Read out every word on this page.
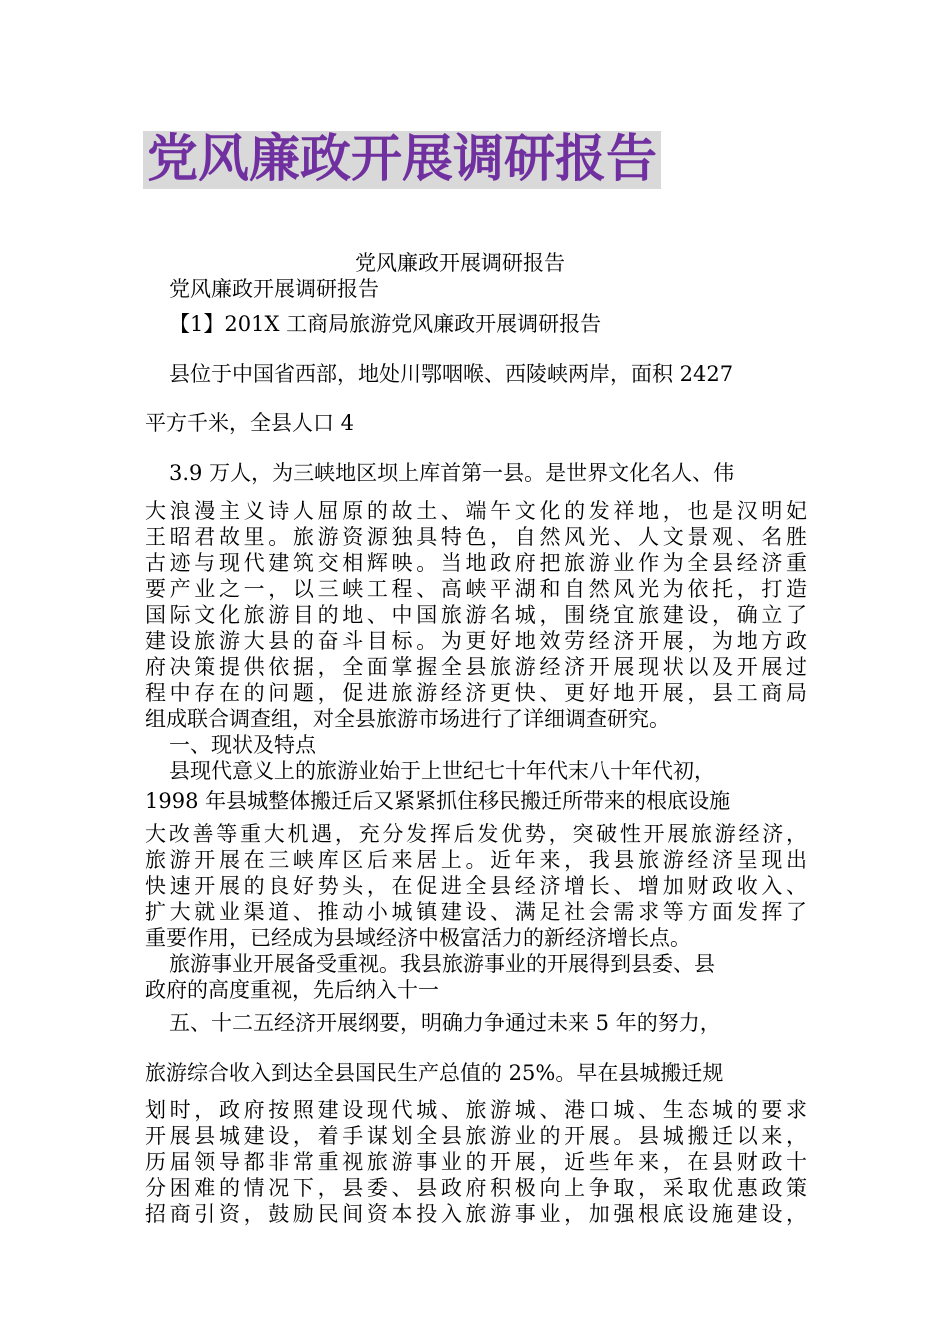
党风廉政开展调研报告
党风廉政开展调研报告
党风廉政开展调研报告
【1】201X 工商局旅游党风廉政开展调研报告
县位于中国省西部，地处川鄂咽喉、西陵峡两岸，面积 2427
平方千米，全县人口 4
3.9 万人，为三峡地区坝上库首第一县。是世界文化名人、伟
大浪漫主义诗人屈原的故土、端午文化的发祥地，也是汉明妃
王昭君故里。旅游资源独具特色，自然风光、人文景观、名胜
古迹与现代建筑交相辉映。当地政府把旅游业作为全县经济重
要产业之一，以三峡工程、高峡平湖和自然风光为依托，打造
国际文化旅游目的地、中国旅游名城，围绕宜旅建设，确立了
建设旅游大县的奋斗目标。为更好地效劳经济开展，为地方政
府决策提供依据，全面掌握全县旅游经济开展现状以及开展过
程中存在的问题，促进旅游经济更快、更好地开展，县工商局
组成联合调查组，对全县旅游市场进行了详细调查研究。
一、现状及特点
县现代意义上的旅游业始于上世纪七十年代末八十年代初，
1998 年县城整体搬迁后又紧紧抓住移民搬迁所带来的根底设施
大改善等重大机遇，充分发挥后发优势，突破性开展旅游经济，
旅游开展在三峡库区后来居上。近年来，我县旅游经济呈现出
快速开展的良好势头，在促进全县经济增长、增加财政收入、
扩大就业渠道、推动小城镇建设、满足社会需求等方面发挥了
重要作用，已经成为县域经济中极富活力的新经济增长点。
旅游事业开展备受重视。我县旅游事业的开展得到县委、县
政府的高度重视，先后纳入十一
五、十二五经济开展纲要，明确力争通过未来 5 年的努力，
旅游综合收入到达全县国民生产总值的 25%。早在县城搬迁规
划时，政府按照建设现代城、旅游城、港口城、生态城的要求
开展县城建设，着手谋划全县旅游业的开展。县城搬迁以来，
历届领导都非常重视旅游事业的开展，近些年来，在县财政十
分困难的情况下，县委、县政府积极向上争取，采取优惠政策
招商引资，鼓励民间资本投入旅游事业，加强根底设施建设，
